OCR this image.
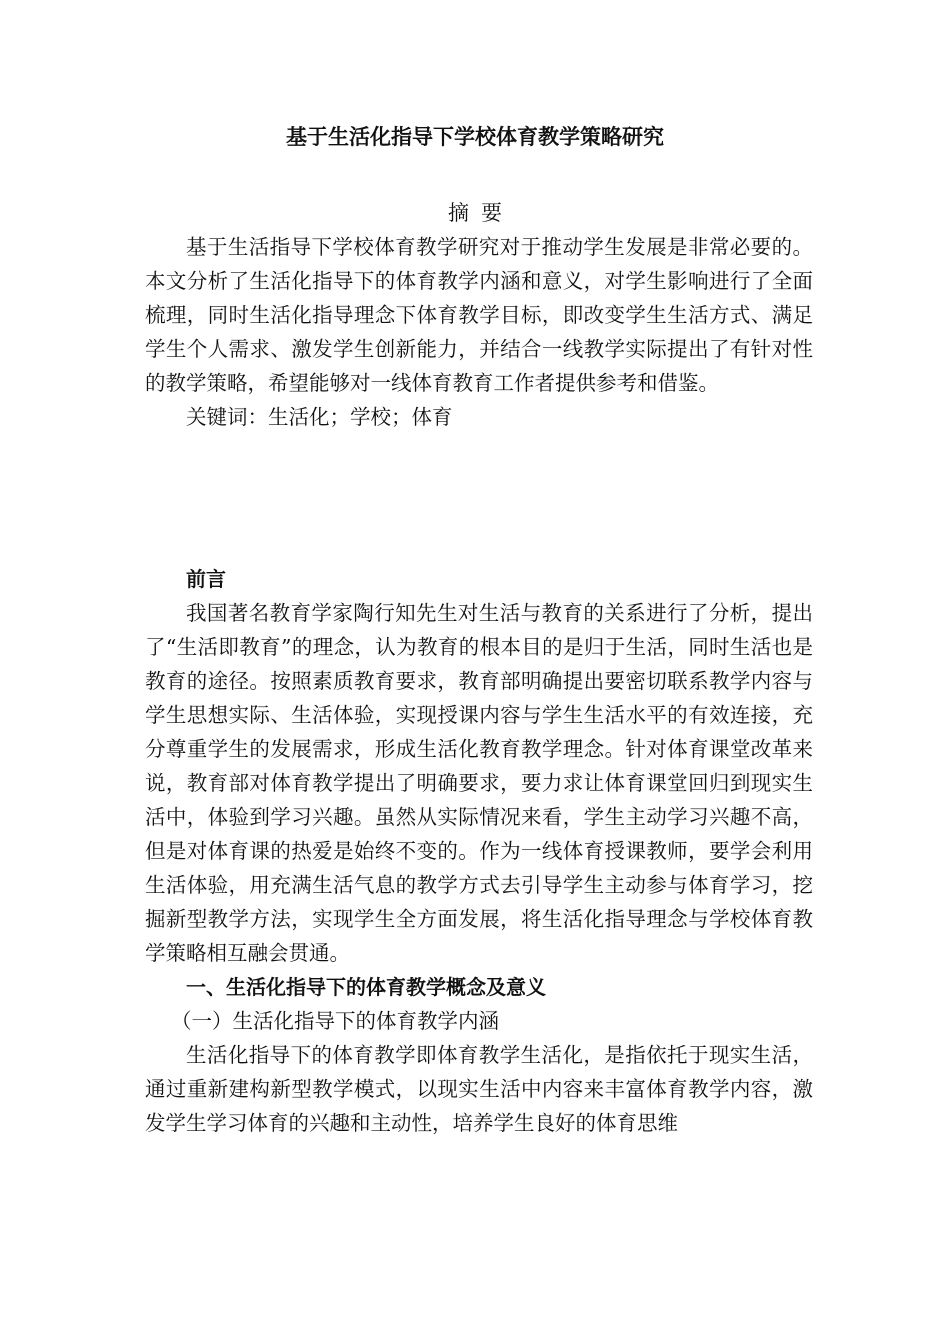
基于生活化指导下学校体育教学策略研究
摘要

基于生活指导下学校体育教学研究对于推动学生发展是非常必要的。本文分析了生活化指导下的体育教学内涵和意义，对学生影响进行了全面梳理，同时生活化指导理念下体育教学目标，即改变学生生活方式、满足学生个人需求、激发学生创新能力，并结合一线教学实际提出了有针对性的教学策略，希望能够对一线体育教育工作者提供参考和借鉴。

关键词：生活化；学校；体育

前言

我国著名教育学家陶行知先生对生活与教育的关系进行了分析，提出了“生活即教育”的理念，认为教育的根本目的是归于生活，同时生活也是教育的途径。按照素质教育要求，教育部明确提出要密切联系教学内容与学生思想实际、生活体验，实现授课内容与学生生活水平的有效连接，充分尊重学生的发展需求，形成生活化教育教学理念。针对体育课堂改革来说，教育部对体育教学提出了明确要求，要力求让体育课堂回归到现实生活中，体验到学习兴趣。虽然从实际情况来看，学生主动学习兴趣不高，但是对体育课的热爱是始终不变的。作为一线体育授课教师，要学会利用生活体验，用充满生活气息的教学方式去引导学生主动参与体育学习，挖掘新型教学方法，实现学生全方面发展，将生活化指导理念与学校体育教学策略相互融会贯通。

一、生活化指导下的体育教学概念及意义

（一）生活化指导下的体育教学内涵

生活化指导下的体育教学即体育教学生活化，是指依托于现实生活，通过重新建构新型教学模式，以现实生活中内容来丰富体育教学内容，激发学生学习体育的兴趣和主动性，培养学生良好的体育思维
